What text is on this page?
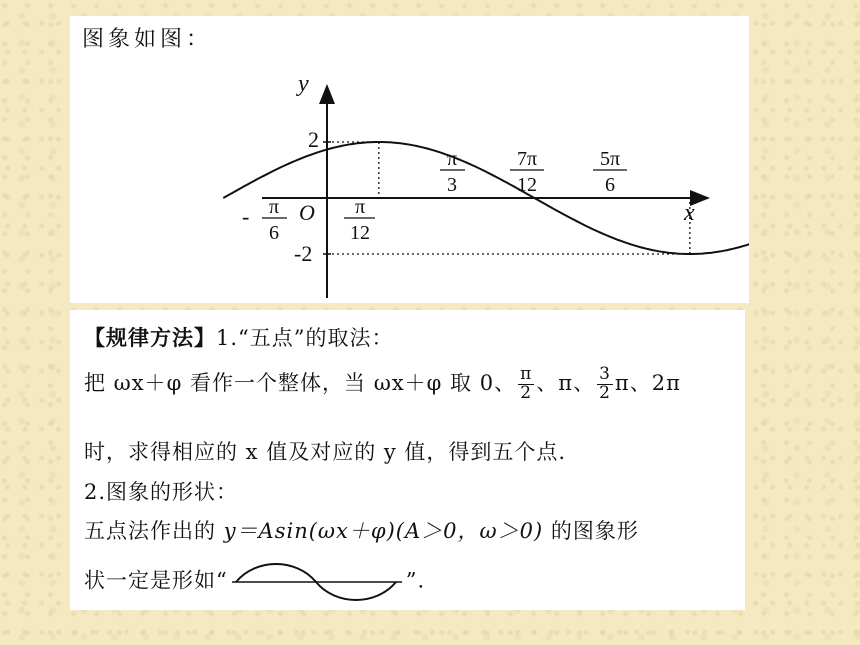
图象如图：
y
x
O
2
-2
- π
6
π
12
π
3
7π
12
5π
6
【规律方法】1.“五点”的取法：
把 ωx＋φ 看作一个整体，当 ωx＋φ 取 0、 $\frac{\pi}{2}$ 、π、 $\frac{3}{2}$ π、2π
时，求得相应的 x 值及对应的 y 值，得到五个点.
2.图象的形状：
五点法作出的 y＝Asin(ωx＋φ)(A＞0，ω＞0) 的图象形
状一定是形如“	”.
